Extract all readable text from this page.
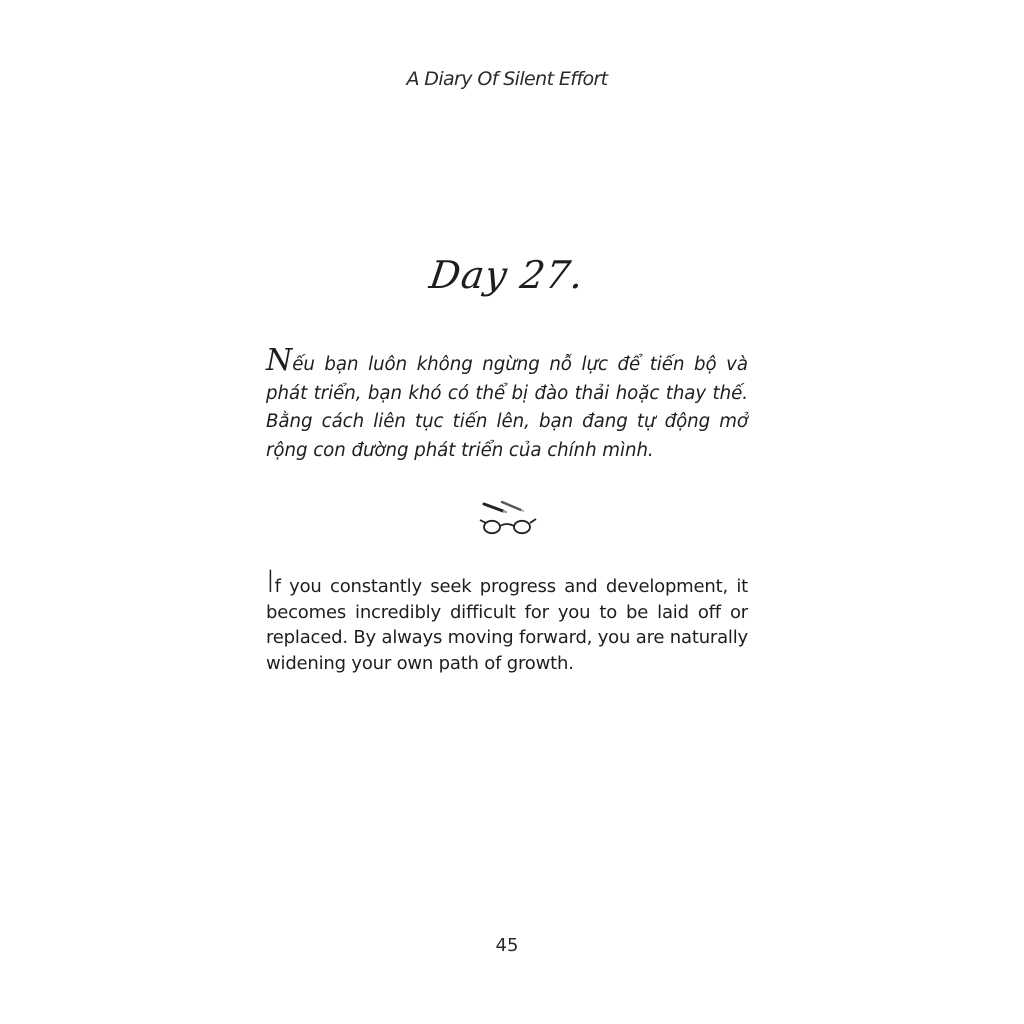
A Diary Of Silent Effort
Day 27.

Nếu bạn luôn không ngừng nỗ lực để tiến bộ và phát triển, bạn khó có thể bị đào thải hoặc thay thế. Bằng cách liên tục tiến lên, bạn đang tự động mở rộng con đường phát triển của chính mình.

If you constantly seek progress and development, it becomes incredibly difficult for you to be laid off or replaced. By always moving forward, you are naturally widening your own path of growth.

45
